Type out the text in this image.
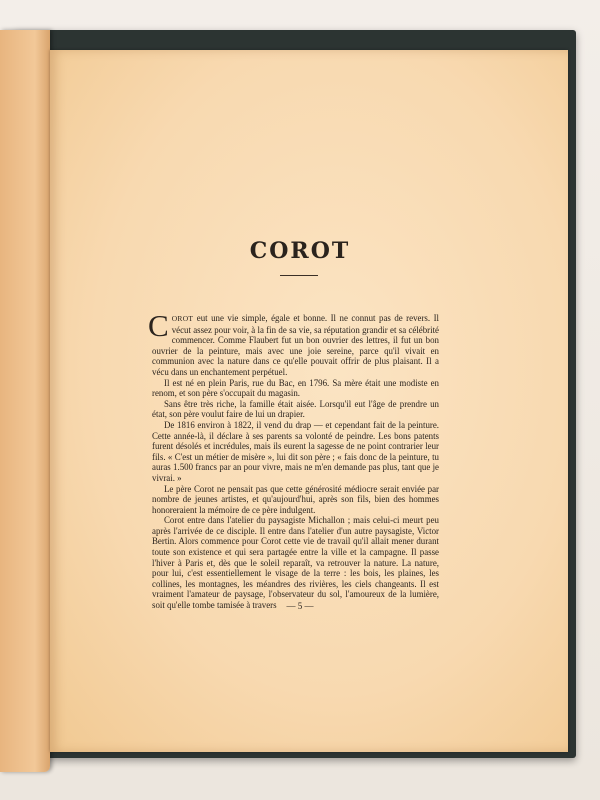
COROT

COROT eut une vie simple, égale et bonne. Il ne connut pas de revers. Il vécut assez pour voir, à la fin de sa vie, sa réputation grandir et sa célébrité commencer. Comme Flaubert fut un bon ouvrier des lettres, il fut un bon ouvrier de la peinture, mais avec une joie sereine, parce qu'il vivait en communion avec la nature dans ce qu'elle pouvait offrir de plus plaisant. Il a vécu dans un enchantement perpétuel.

Il est né en plein Paris, rue du Bac, en 1796. Sa mère était une modiste en renom, et son père s'occupait du magasin.

Sans être très riche, la famille était aisée. Lorsqu'il eut l'âge de prendre un état, son père voulut faire de lui un drapier.

De 1816 environ à 1822, il vend du drap — et cependant fait de la peinture. Cette année-là, il déclare à ses parents sa volonté de peindre. Les bons patents furent désolés et incrédules, mais ils eurent la sagesse de ne point contrarier leur fils. « C'est un métier de misère », lui dit son père ; « fais donc de la peinture, tu auras 1.500 francs par an pour vivre, mais ne m'en demande pas plus, tant que je vivrai. »

Le père Corot ne pensait pas que cette générosité médiocre serait enviée par nombre de jeunes artistes, et qu'aujourd'hui, après son fils, bien des hommes honoreraient la mémoire de ce père indulgent.

Corot entre dans l'atelier du paysagiste Michallon ; mais celui-ci meurt peu après l'arrivée de ce disciple. Il entre dans l'atelier d'un autre paysagiste, Victor Bertin. Alors commence pour Corot cette vie de travail qu'il allait mener durant toute son existence et qui sera partagée entre la ville et la campagne. Il passe l'hiver à Paris et, dès que le soleil reparaît, va retrouver la nature. La nature, pour lui, c'est essentiellement le visage de la terre : les bois, les plaines, les collines, les montagnes, les méandres des rivières, les ciels changeants. Il est vraiment l'amateur de paysage, l'observateur du sol, l'amoureux de la lumière, soit qu'elle tombe tamisée à travers	— 5 —
